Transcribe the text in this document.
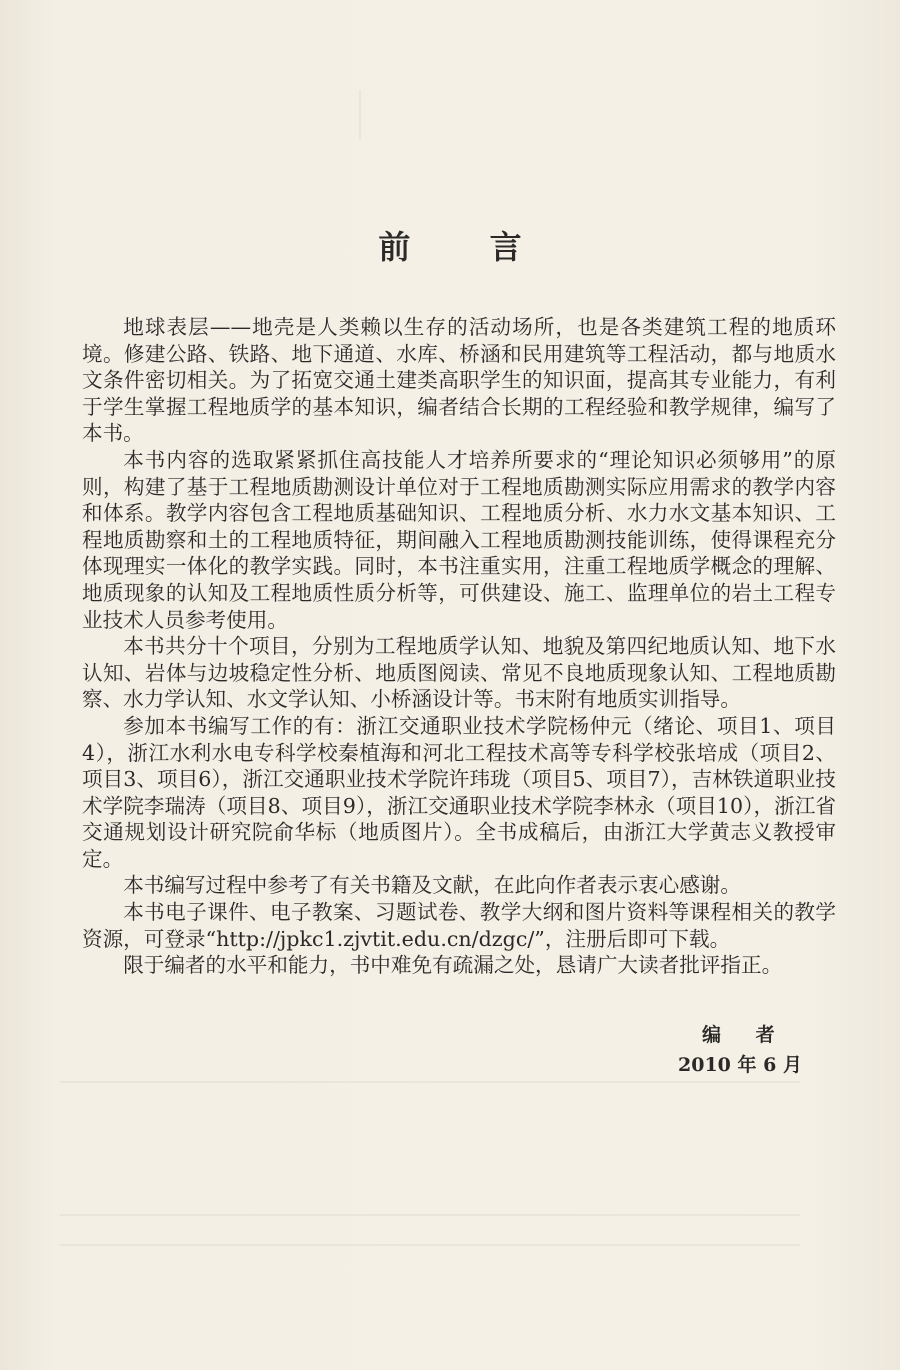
前 言

地球表层——地壳是人类赖以生存的活动场所，也是各类建筑工程的地质环境。修建公路、铁路、地下通道、水库、桥涵和民用建筑等工程活动，都与地质水文条件密切相关。为了拓宽交通土建类高职学生的知识面，提高其专业能力，有利于学生掌握工程地质学的基本知识，编者结合长期的工程经验和教学规律，编写了本书。

本书内容的选取紧紧抓住高技能人才培养所要求的“理论知识必须够用”的原则，构建了基于工程地质勘测设计单位对于工程地质勘测实际应用需求的教学内容和体系。教学内容包含工程地质基础知识、工程地质分析、水力水文基本知识、工程地质勘察和土的工程地质特征，期间融入工程地质勘测技能训练，使得课程充分体现理实一体化的教学实践。同时，本书注重实用，注重工程地质学概念的理解、地质现象的认知及工程地质性质分析等，可供建设、施工、监理单位的岩土工程专业技术人员参考使用。

本书共分十个项目，分别为工程地质学认知、地貌及第四纪地质认知、地下水认知、岩体与边坡稳定性分析、地质图阅读、常见不良地质现象认知、工程地质勘察、水力学认知、水文学认知、小桥涵设计等。书末附有地质实训指导。

参加本书编写工作的有：浙江交通职业技术学院杨仲元（绪论、项目1、项目4），浙江水利水电专科学校秦植海和河北工程技术高等专科学校张培成（项目2、项目3、项目6），浙江交通职业技术学院许玮珑（项目5、项目7），吉林铁道职业技术学院李瑞涛（项目8、项目9），浙江交通职业技术学院李林永（项目10），浙江省交通规划设计研究院俞华标（地质图片）。全书成稿后，由浙江大学黄志义教授审定。

本书编写过程中参考了有关书籍及文献，在此向作者表示衷心感谢。

本书电子课件、电子教案、习题试卷、教学大纲和图片资料等课程相关的教学资源，可登录“http://jpkc1.zjvtit.edu.cn/dzgc/”，注册后即可下载。

限于编者的水平和能力，书中难免有疏漏之处，恳请广大读者批评指正。

编 者
2010 年 6 月
